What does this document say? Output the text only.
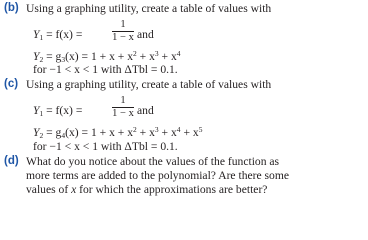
(b) Using a graphing utility, create a table of values with
$Y_1 = f(x)$ =
1
1 − x and
$Y_2 = g_3(x) = 1 + x + x^2 + x^3 + x^4$
for −1 < x < 1 with ΔTbl = 0.1.
(c) Using a graphing utility, create a table of values with
$Y_1 = f(x)$ =
1
1 − x and
$Y_2 = g_4(x) = 1 + x + x^2 + x^3 + x^4 + x^5$
for −1 < x < 1 with ΔTbl = 0.1.
(d) What do you notice about the values of the function as
more terms are added to the polynomial? Are there some
values of x for which the approximations are better?
